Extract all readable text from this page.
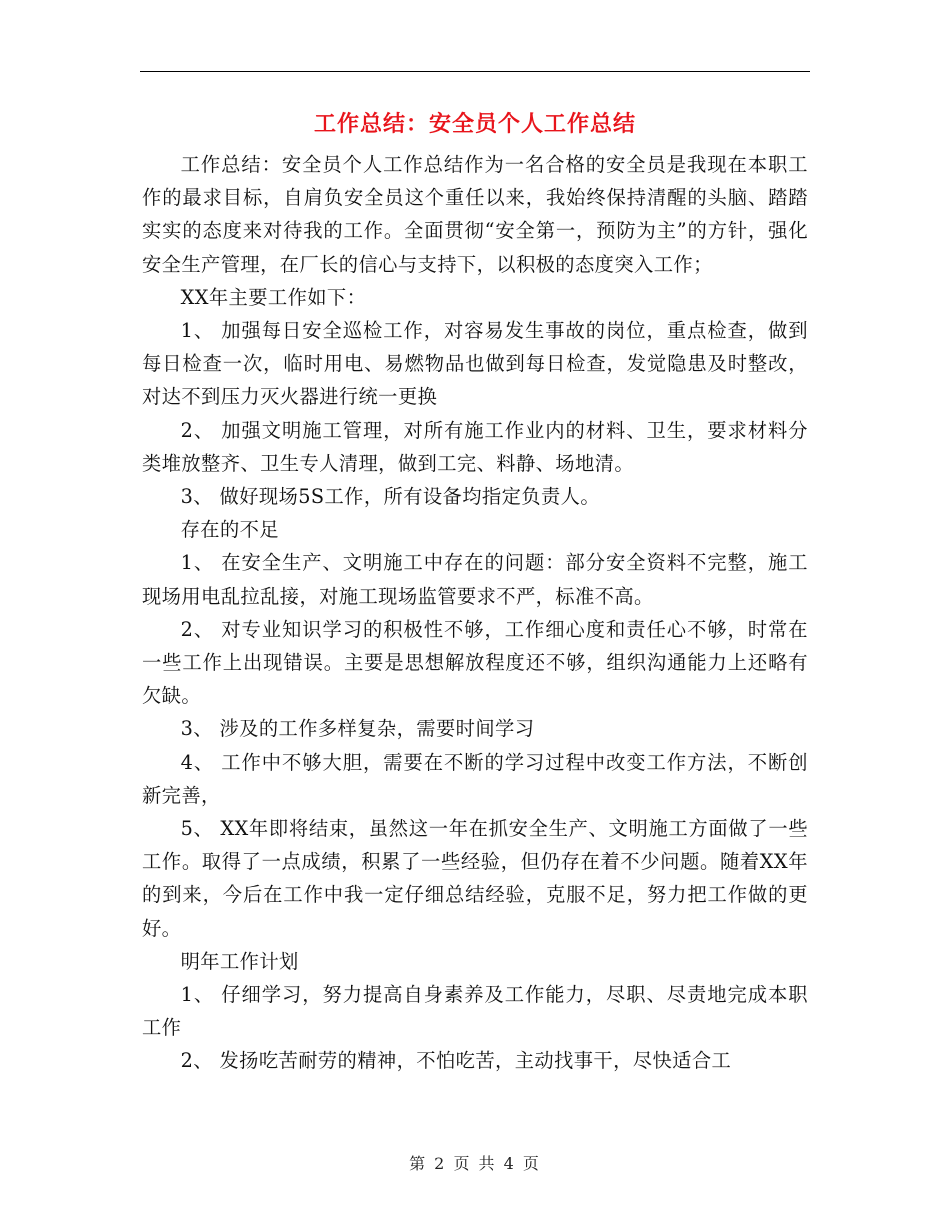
工作总结：安全员个人工作总结

工作总结：安全员个人工作总结作为一名合格的安全员是我现在本职工作的最求目标，自肩负安全员这个重任以来，我始终保持清醒的头脑、踏踏实实的态度来对待我的工作。全面贯彻“安全第一，预防为主”的方针，强化安全生产管理，在厂长的信心与支持下，以积极的态度突入工作；

XX年主要工作如下：

1、 加强每日安全巡检工作，对容易发生事故的岗位，重点检查，做到每日检查一次，临时用电、易燃物品也做到每日检查，发觉隐患及时整改，对达不到压力灭火器进行统一更换

2、 加强文明施工管理，对所有施工作业内的材料、卫生，要求材料分类堆放整齐、卫生专人清理，做到工完、料静、场地清。

3、 做好现场5S工作，所有设备均指定负责人。

存在的不足

1、 在安全生产、文明施工中存在的问题：部分安全资料不完整，施工现场用电乱拉乱接，对施工现场监管要求不严，标准不高。

2、 对专业知识学习的积极性不够，工作细心度和责任心不够，时常在一些工作上出现错误。主要是思想解放程度还不够，组织沟通能力上还略有欠缺。

3、 涉及的工作多样复杂，需要时间学习

4、 工作中不够大胆，需要在不断的学习过程中改变工作方法，不断创新完善，

5、 XX年即将结束，虽然这一年在抓安全生产、文明施工方面做了一些工作。取得了一点成绩，积累了一些经验，但仍存在着不少问题。随着XX年的到来，今后在工作中我一定仔细总结经验，克服不足，努力把工作做的更好。

明年工作计划

1、 仔细学习，努力提高自身素养及工作能力，尽职、尽责地完成本职工作

2、 发扬吃苦耐劳的精神，不怕吃苦，主动找事干，尽快适合工

第 2 页 共 4 页
